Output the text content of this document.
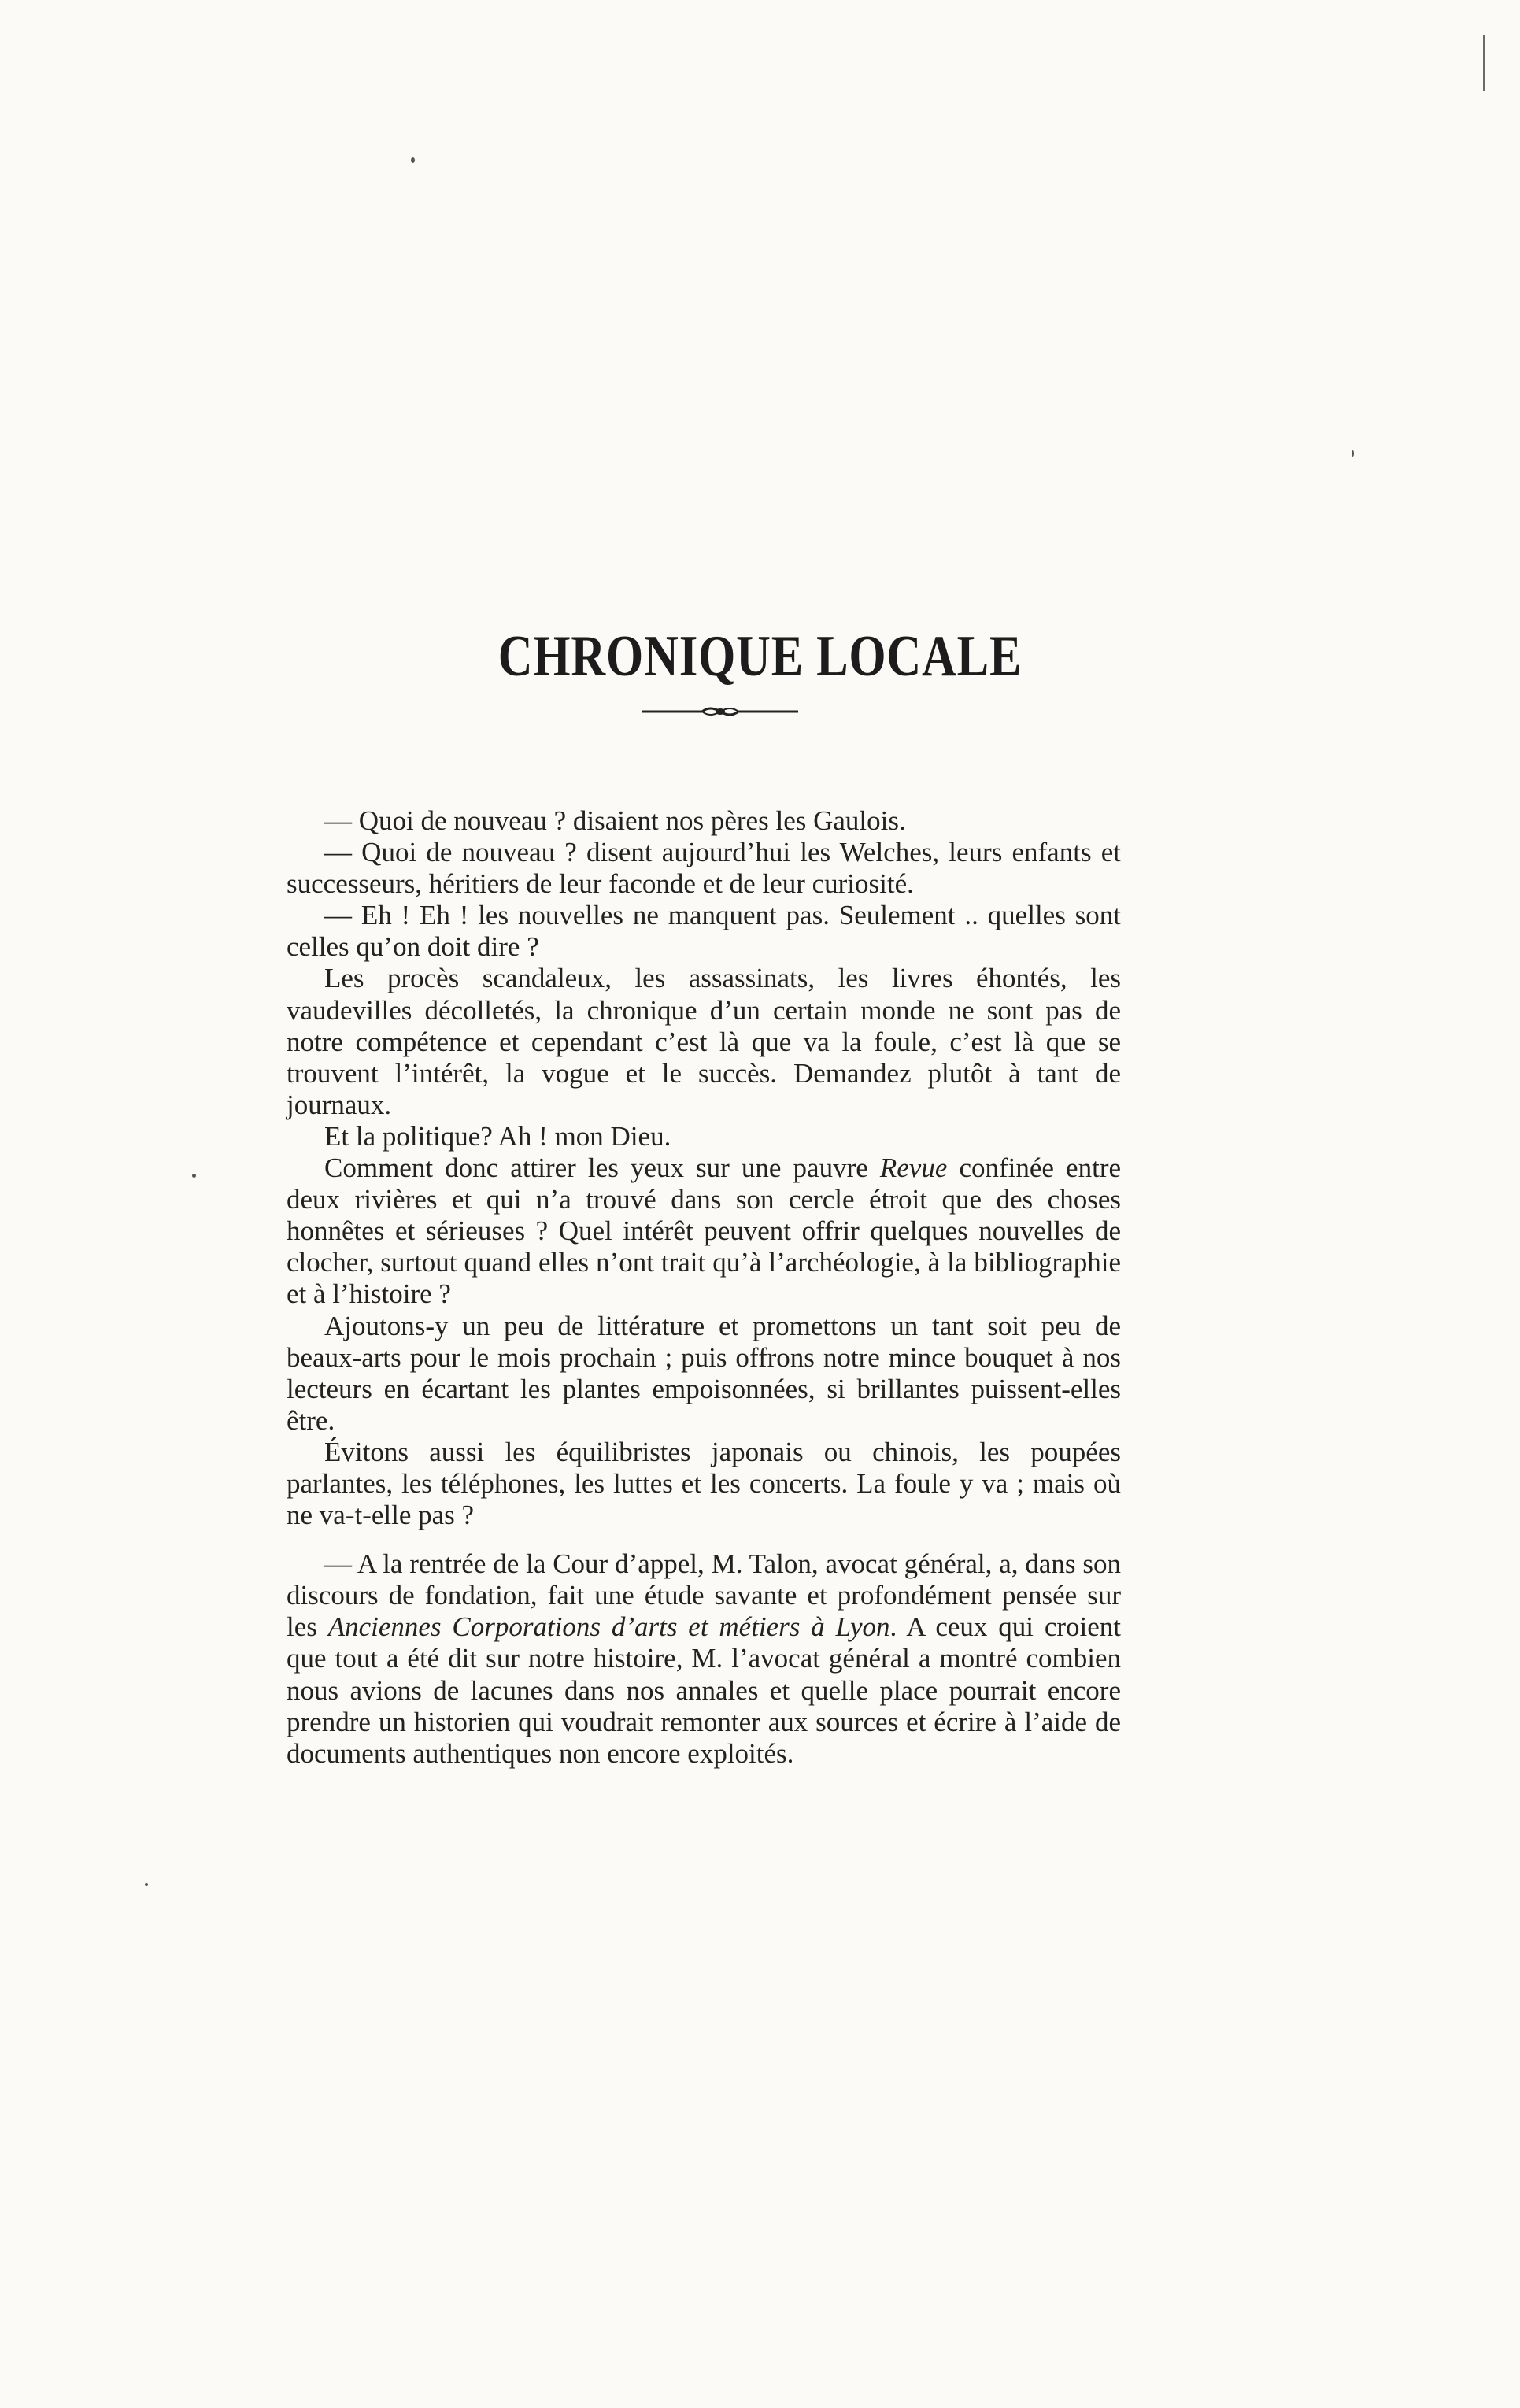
CHRONIQUE LOCALE

— Quoi de nouveau ? disaient nos pères les Gaulois.

— Quoi de nouveau ? disent aujourd’hui les Welches, leurs enfants et successeurs, héritiers de leur faconde et de leur curiosité.

— Eh ! Eh ! les nouvelles ne manquent pas. Seulement .. quelles sont celles qu’on doit dire ?

Les procès scandaleux, les assassinats, les livres éhontés, les vaudevilles décolletés, la chronique d’un certain monde ne sont pas de notre compétence et cependant c’est là que va la foule, c’est là que se trouvent l’intérêt, la vogue et le succès. Demandez plutôt à tant de journaux.

Et la politique? Ah ! mon Dieu.

Comment donc attirer les yeux sur une pauvre Revue confinée entre deux rivières et qui n’a trouvé dans son cercle étroit que des choses honnêtes et sérieuses ? Quel intérêt peuvent offrir quelques nouvelles de clocher, surtout quand elles n’ont trait qu’à l’archéologie, à la bibliographie et à l’histoire ?

Ajoutons-y un peu de littérature et promettons un tant soit peu de beaux-arts pour le mois prochain ; puis offrons notre mince bouquet à nos lecteurs en écartant les plantes empoisonnées, si brillantes puissent-elles être.

Évitons aussi les équilibristes japonais ou chinois, les poupées parlantes, les téléphones, les luttes et les concerts. La foule y va ; mais où ne va-t-elle pas ?

— A la rentrée de la Cour d’appel, M. Talon, avocat général, a, dans son discours de fondation, fait une étude savante et profondément pensée sur les Anciennes Corporations d’arts et métiers à Lyon. A ceux qui croient que tout a été dit sur notre histoire, M. l’avocat général a montré combien nous avions de lacunes dans nos annales et quelle place pourrait encore prendre un historien qui voudrait remonter aux sources et écrire à l’aide de documents authentiques non encore exploités.
